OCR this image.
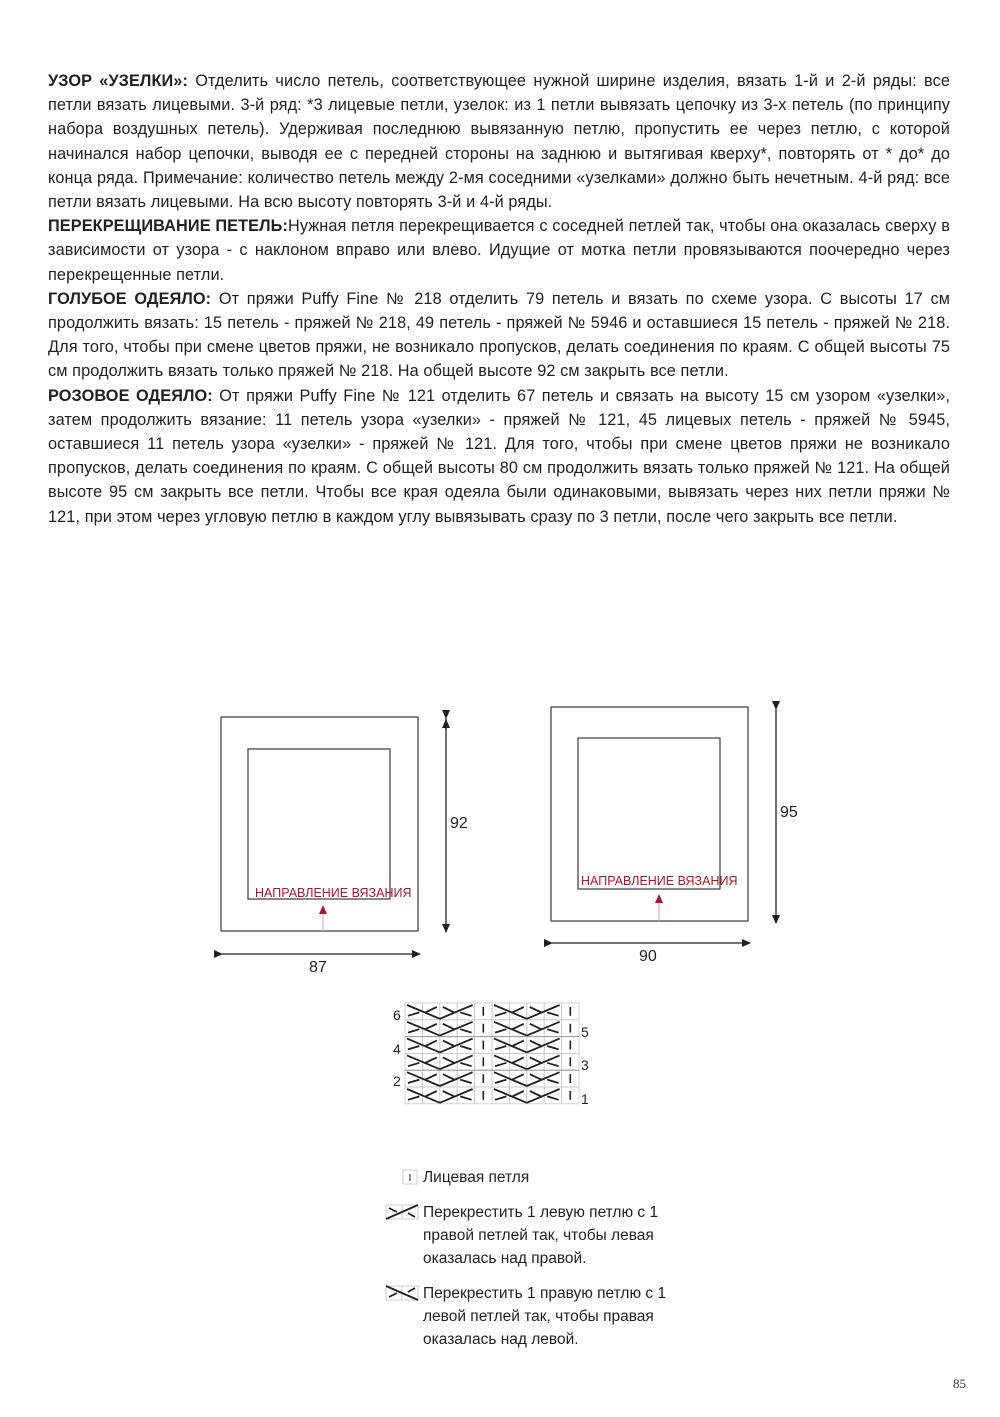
УЗОР «УЗЕЛКИ»: Отделить число петель, соответствующее нужной ширине изделия, вязать 1-й и 2-й ряды: все петли вязать лицевыми. 3-й ряд: *3 лицевые петли, узелок: из 1 петли вывязать цепочку из 3-х петель (по принципу набора воздушных петель). Удерживая последнюю вывязанную петлю, пропустить ее через петлю, с которой начинался набор цепочки, выводя ее с передней стороны на заднюю и вытягивая кверху*, повторять от * до* до конца ряда. Примечание: количество петель между 2-мя соседними «узелками» должно быть нечетным. 4-й ряд: все петли вязать лицевыми. На всю высоту повторять 3-й и 4-й ряды.

ПЕРЕКРЕЩИВАНИЕ ПЕТЕЛЬ:Нужная петля перекрещивается с соседней петлей так, чтобы она оказалась сверху в зависимости от узора - с наклоном вправо или влево. Идущие от мотка петли провязываются поочередно через перекрещенные петли.

ГОЛУБОЕ ОДЕЯЛО: От пряжи Puffy Fine № 218 отделить 79 петель и вязать по схеме узора. С высоты 17 см продолжить вязать: 15 петель - пряжей № 218, 49 петель - пряжей № 5946 и оставшиеся 15 петель - пряжей № 218. Для того, чтобы при смене цветов пряжи, не возникало пропусков, делать соединения по краям. С общей высоты 75 см продолжить вязать только пряжей № 218. На общей высоте 92 см закрыть все петли.

РОЗОВОЕ ОДЕЯЛО: От пряжи Puffy Fine № 121 отделить 67 петель и связать на высоту 15 см узором «узелки», затем продолжить вязание: 11 петель узора «узелки» - пряжей № 121, 45 лицевых петель - пряжей № 5945, оставшиеся 11 петель узора «узелки» - пряжей № 121. Для того, чтобы при смене цветов пряжи не возникало пропусков, делать соединения по краям. С общей высоты 80 см продолжить вязать только пряжей № 121. На общей высоте 95 см закрыть все петли. Чтобы все края одеяла были одинаковыми, вывязать через них петли пряжи № 121, при этом через угловую петлю в каждом углу вывязывать сразу по 3 петли, после чего закрыть все петли.

НАПРАВЛЕНИЕ ВЯЗАНИЯ
92
87
НАПРАВЛЕНИЕ ВЯЗАНИЯ
95
90
6
4
2
5
3
1
Лицевая петля
Перекрестить 1 левую петлю с 1 правой петлей так, чтобы левая оказалась над правой.
Перекрестить 1 правую петлю с 1 левой петлей так, чтобы правая оказалась над левой.
85
